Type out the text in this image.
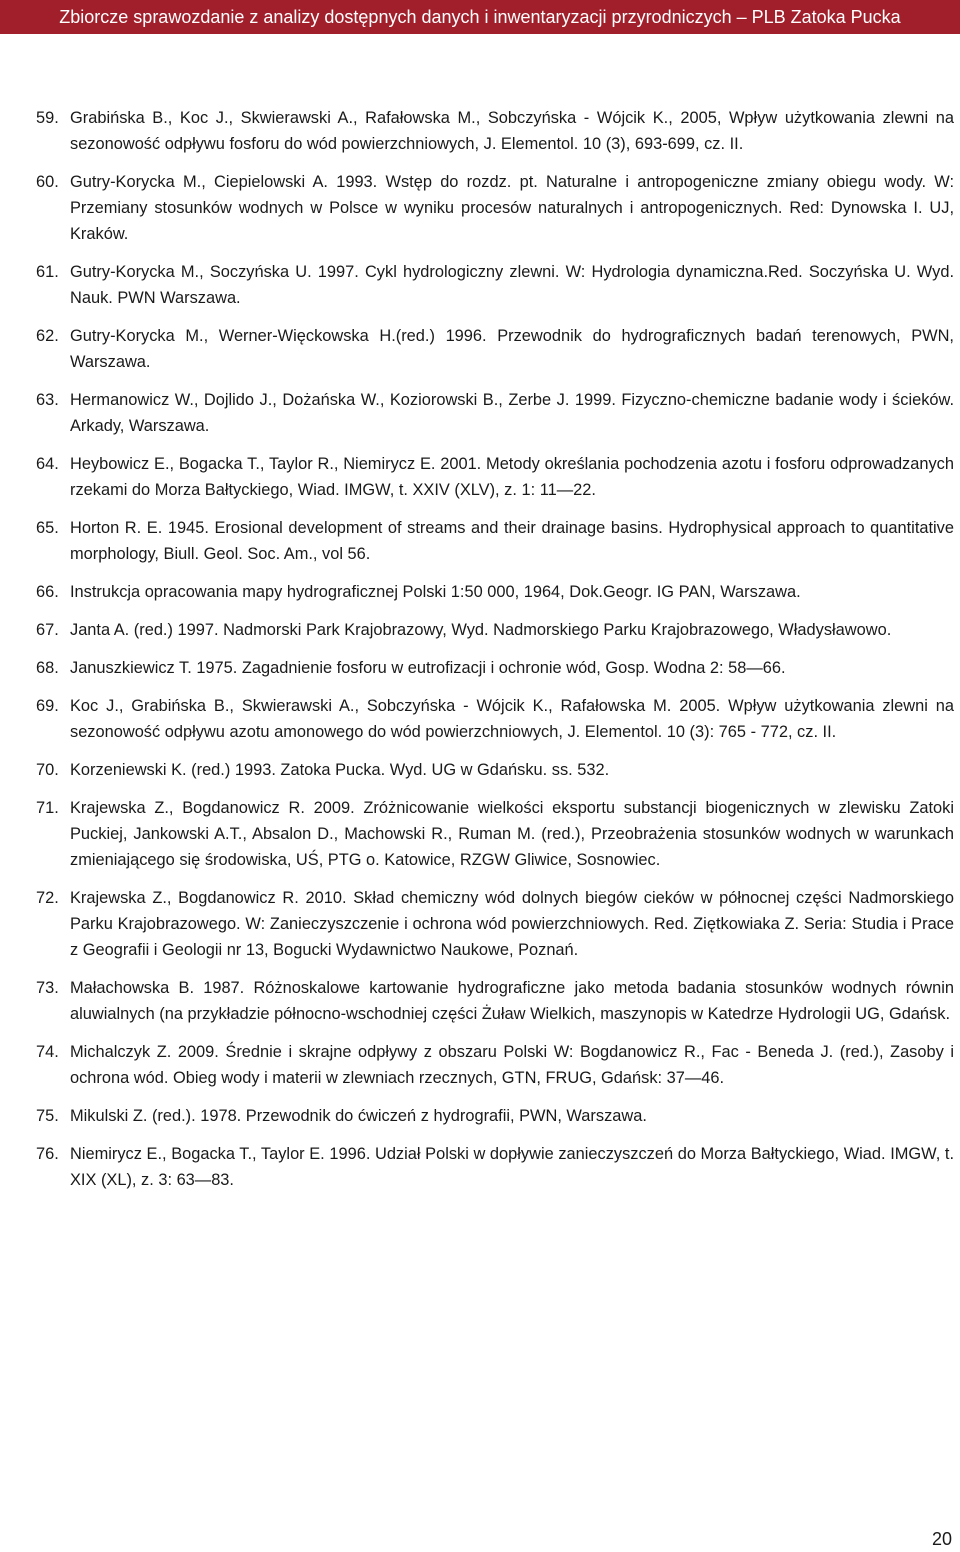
Zbiorcze sprawozdanie z analizy dostępnych danych i inwentaryzacji przyrodniczych – PLB Zatoka Pucka
59. Grabińska B., Koc J., Skwierawski A., Rafałowska M., Sobczyńska - Wójcik K., 2005, Wpływ użytkowania zlewni na sezonowość odpływu fosforu do wód powierzchniowych, J. Elementol. 10 (3), 693-699, cz. II.
60. Gutry-Korycka M., Ciepielowski A. 1993. Wstęp do rozdz. pt. Naturalne i antropogeniczne zmiany obiegu wody. W: Przemiany stosunków wodnych w Polsce w wyniku procesów naturalnych i antropogenicznych. Red: Dynowska I. UJ, Kraków.
61. Gutry-Korycka M., Soczyńska U. 1997. Cykl hydrologiczny zlewni. W: Hydrologia dynamiczna.Red. Soczyńska U. Wyd. Nauk. PWN Warszawa.
62. Gutry-Korycka M., Werner-Więckowska H.(red.) 1996. Przewodnik do hydrograficznych badań terenowych, PWN, Warszawa.
63. Hermanowicz W., Dojlido J., Dożańska W., Koziorowski B., Zerbe J. 1999. Fizyczno-chemiczne badanie wody i ścieków. Arkady, Warszawa.
64. Heybowicz E., Bogacka T., Taylor R., Niemirycz E. 2001. Metody określania pochodzenia azotu i fosforu odprowadzanych rzekami do Morza Bałtyckiego, Wiad. IMGW, t. XXIV (XLV), z. 1: 11—22.
65. Horton R. E. 1945. Erosional development of streams and their drainage basins. Hydrophysical approach to quantitative morphology, Biull. Geol. Soc. Am., vol 56.
66. Instrukcja opracowania mapy hydrograficznej Polski 1:50 000, 1964, Dok.Geogr. IG PAN, Warszawa.
67. Janta A. (red.) 1997. Nadmorski Park Krajobrazowy, Wyd. Nadmorskiego Parku Krajobrazowego, Władysławowo.
68. Januszkiewicz T. 1975. Zagadnienie fosforu w eutrofizacji i ochronie wód, Gosp. Wodna 2: 58—66.
69. Koc J., Grabińska B., Skwierawski A., Sobczyńska - Wójcik K., Rafałowska M. 2005. Wpływ użytkowania zlewni na sezonowość odpływu azotu amonowego do wód powierzchniowych, J. Elementol. 10 (3): 765 - 772, cz. II.
70. Korzeniewski K. (red.) 1993. Zatoka Pucka. Wyd. UG w Gdańsku. ss. 532.
71. Krajewska Z., Bogdanowicz R. 2009. Zróżnicowanie wielkości eksportu substancji biogenicznych w zlewisku Zatoki Puckiej, Jankowski A.T., Absalon D., Machowski R., Ruman M. (red.), Przeobrażenia stosunków wodnych w warunkach zmieniającego się środowiska, UŚ, PTG o. Katowice, RZGW Gliwice, Sosnowiec.
72. Krajewska Z., Bogdanowicz R. 2010. Skład chemiczny wód dolnych biegów cieków w północnej części Nadmorskiego Parku Krajobrazowego. W: Zanieczyszczenie i ochrona wód powierzchniowych. Red. Ziętkowiaka Z. Seria: Studia i Prace z Geografii i Geologii nr 13, Bogucki Wydawnictwo Naukowe, Poznań.
73. Małachowska B. 1987. Różnoskalowe kartowanie hydrograficzne jako metoda badania stosunków wodnych równin aluwialnych (na przykładzie północno-wschodniej części Żuław Wielkich, maszynopis w Katedrze Hydrologii UG, Gdańsk.
74. Michalczyk Z. 2009. Średnie i skrajne odpływy z obszaru Polski W: Bogdanowicz R., Fac - Beneda J. (red.), Zasoby i ochrona wód. Obieg wody i materii w zlewniach rzecznych, GTN, FRUG, Gdańsk: 37—46.
75. Mikulski Z. (red.). 1978. Przewodnik do ćwiczeń z hydrografii, PWN, Warszawa.
76. Niemirycz E., Bogacka T., Taylor E. 1996. Udział Polski w dopływie zanieczyszczeń do Morza Bałtyckiego, Wiad. IMGW, t. XIX (XL), z. 3: 63—83.
20
